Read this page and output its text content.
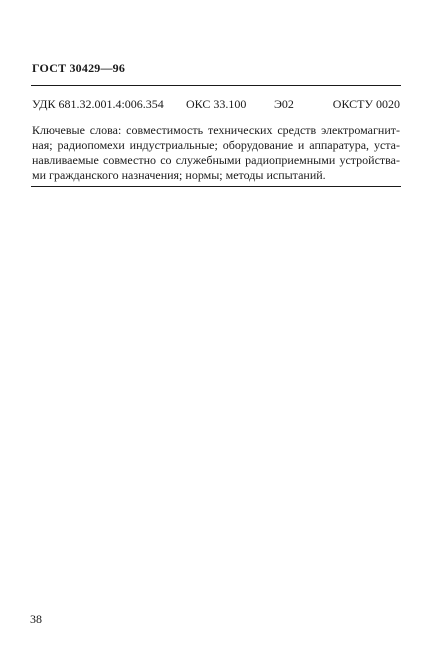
ГОСТ 30429—96
УДК 681.32.001.4:006.354 ОКС 33.100 Э02	ОКСТУ 0020
Ключевые слова: совместимость технических средств электромагнит-
ная; радиопомехи индустриальные; оборудование и аппаратура, уста-
навливаемые совместно со служебными радиоприемными устройства-
ми гражданского назначения; нормы; методы испытаний.
38
